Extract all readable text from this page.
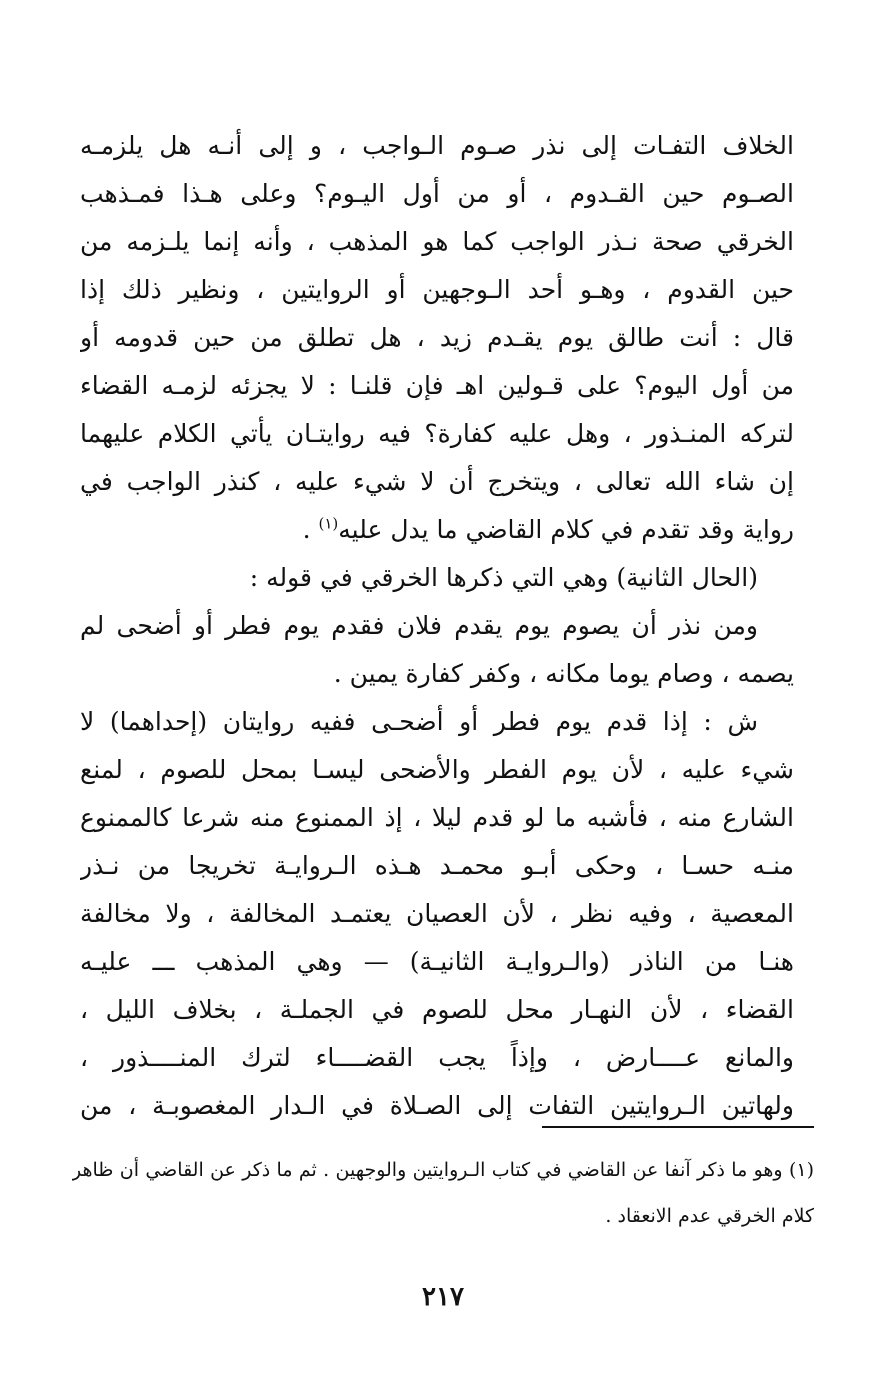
الخلاف التفـات إلى نذر صـوم الـواجب ، و إلى أنـه هل يلزمـه
الصـوم حين القـدوم ، أو من أول اليـوم؟ وعلى هـذا فمـذهب
الخرقي صحة نـذر الواجب كما هو المذهب ، وأنه إنما يلـزمه من
حين القدوم ، وهـو أحد الـوجهين أو الروايتين ، ونظير ذلك إذا
قال : أنت طالق يوم يقـدم زيد ، هل تطلق من حين قدومه أو
من أول اليوم؟ على قـولين اهـ فإن قلنـا : لا يجزئه لزمـه القضاء
لتركه المنـذور ، وهل عليه كفارة؟ فيه روايتـان يأتي الكلام عليهما
إن شاء الله تعالى ، ويتخرج أن لا شيء عليه ، كنذر الواجب في
رواية وقد تقدم في كلام القاضي ما يدل عليه$^{(١)}$ .
(الحال الثانية) وهي التي ذكرها الخرقي في قوله :
ومن نذر أن يصوم يوم يقدم فلان فقدم يوم فطر أو أضحى لم
يصمه ، وصام يوما مكانه ، وكفر كفارة يمين .
ش : إذا قدم يوم فطر أو أضحـى ففيه روايتان (إحداهما) لا
شيء عليه ، لأن يوم الفطر والأضحى ليسـا بمحل للصوم ، لمنع
الشارع منه ، فأشبه ما لو قدم ليلا ، إذ الممنوع منه شرعا كالممنوع
منـه حسـا ، وحكى أبـو محمـد هـذه الـروايـة تخريجا من نـذر
المعصية ، وفيه نظر ، لأن العصيان يعتمـد المخالفة ، ولا مخالفة
هنـا من الناذر (والـروايـة الثانيـة) — وهي المذهب ـــ عليـه
القضاء ، لأن النهـار محل للصوم في الجملـة ، بخلاف الليل ،
والمانع عــــارض ، وإذاً يجب القضــــاء لترك المنــــذور ،
ولهاتين الـروايتين التفات إلى الصـلاة في الـدار المغصوبـة ، من
(١) وهو ما ذكر آنفا عن القاضي في كتاب الـروايتين والوجهين . ثم ما ذكر عن القاضي أن ظاهر
كلام الخرقي عدم الانعقاد .
٢١٧
